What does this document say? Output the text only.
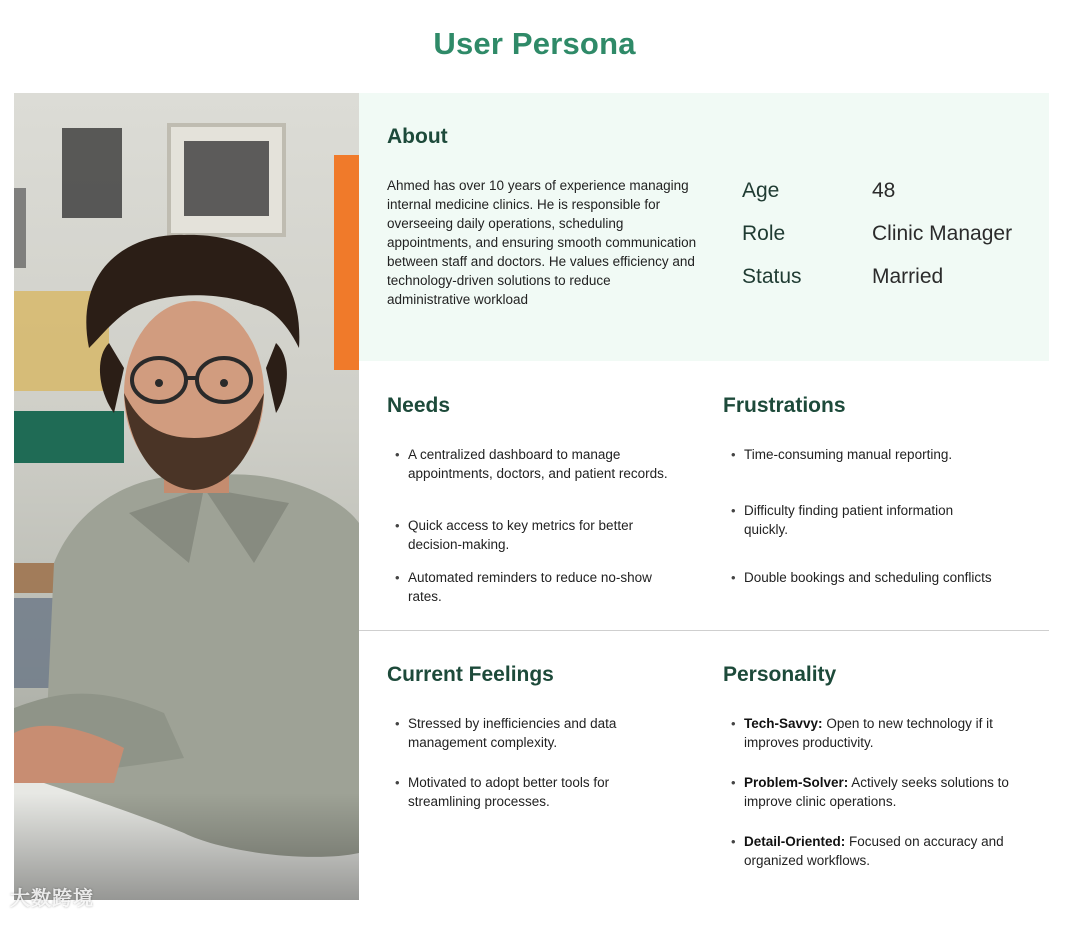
User Persona
Ahmed Amr
About
Ahmed has over 10 years of experience managing internal medicine clinics. He is responsible for overseeing daily operations, scheduling appointments, and ensuring smooth communication between staff and doctors. He values efficiency and technology-driven solutions to reduce administrative workload
Age	48
Role	Clinic Manager
Status	Married
Needs
• A centralized dashboard to manage appointments, doctors, and patient records.
• Quick access to key metrics for better decision-making.
• Automated reminders to reduce no-show rates.
Frustrations
• Time-consuming manual reporting.
• Difficulty finding patient information quickly.
• Double bookings and scheduling conflicts
Current Feelings
• Stressed by inefficiencies and data management complexity.
• Motivated to adopt better tools for streamlining processes.
Personality
• Tech-Savvy: Open to new technology if it improves productivity.
• Problem-Solver: Actively seeks solutions to improve clinic operations.
• Detail-Oriented: Focused on accuracy and organized workflows.
大数跨境
